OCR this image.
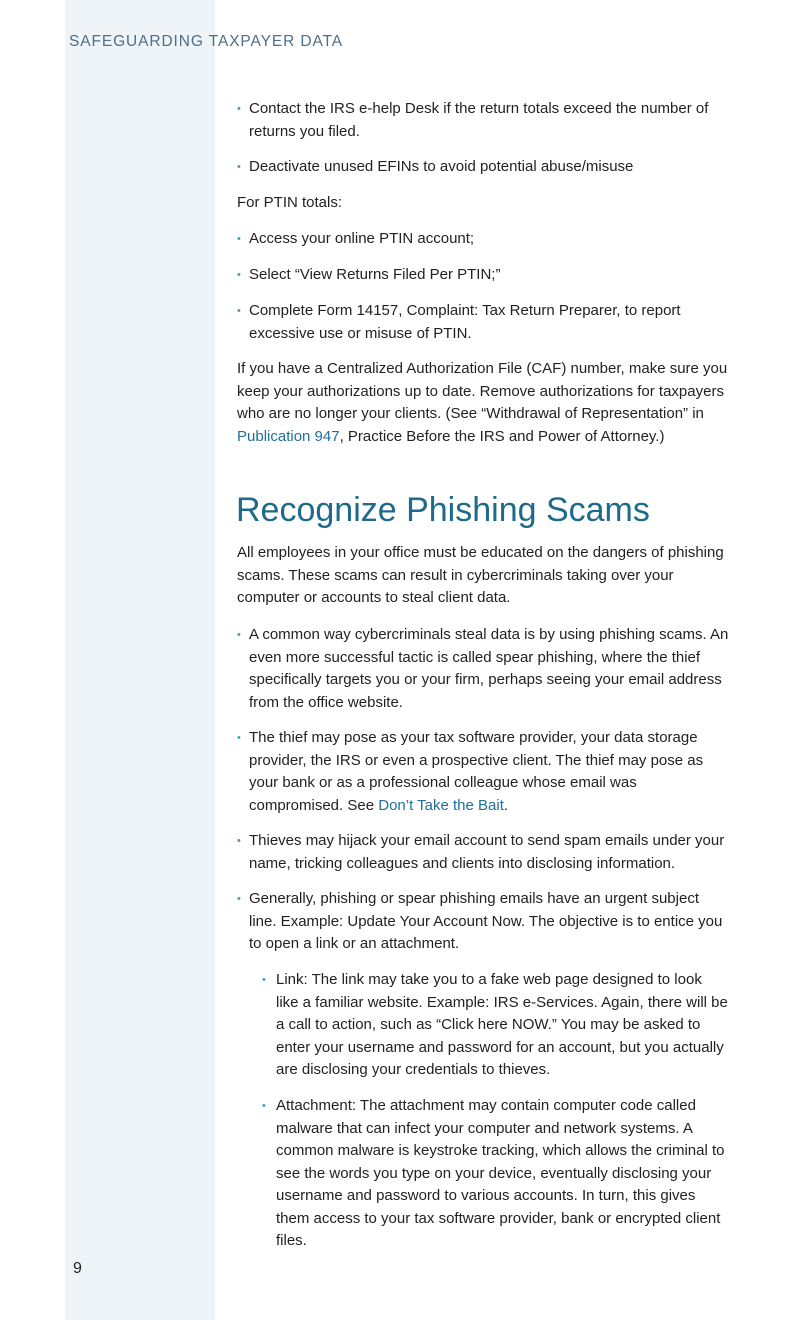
SAFEGUARDING TAXPAYER DATA
• Contact the IRS e-help Desk if the return totals exceed the number of returns you filed.
• Deactivate unused EFINs to avoid potential abuse/misuse
For PTIN totals:
• Access your online PTIN account;
• Select “View Returns Filed Per PTIN;”
• Complete Form 14157, Complaint: Tax Return Preparer, to report excessive use or misuse of PTIN.
If you have a Centralized Authorization File (CAF) number, make sure you keep your authorizations up to date. Remove authorizations for taxpayers who are no longer your clients. (See “Withdrawal of Representation” in Publication 947, Practice Before the IRS and Power of Attorney.)
Recognize Phishing Scams
All employees in your office must be educated on the dangers of phishing scams. These scams can result in cybercriminals taking over your computer or accounts to steal client data.
• A common way cybercriminals steal data is by using phishing scams. An even more successful tactic is called spear phishing, where the thief specifically targets you or your firm, perhaps seeing your email address from the office website.
• The thief may pose as your tax software provider, your data storage provider, the IRS or even a prospective client. The thief may pose as your bank or as a professional colleague whose email was compromised. See Don’t Take the Bait.
• Thieves may hijack your email account to send spam emails under your name, tricking colleagues and clients into disclosing information.
• Generally, phishing or spear phishing emails have an urgent subject line. Example: Update Your Account Now. The objective is to entice you to open a link or an attachment.
• Link: The link may take you to a fake web page designed to look like a familiar website. Example: IRS e-Services. Again, there will be a call to action, such as “Click here NOW.” You may be asked to enter your username and password for an account, but you actually are disclosing your credentials to thieves.
• Attachment: The attachment may contain computer code called malware that can infect your computer and network systems. A common malware is keystroke tracking, which allows the criminal to see the words you type on your device, eventually disclosing your username and password to various accounts. In turn, this gives them access to your tax software provider, bank or encrypted client files.
9
